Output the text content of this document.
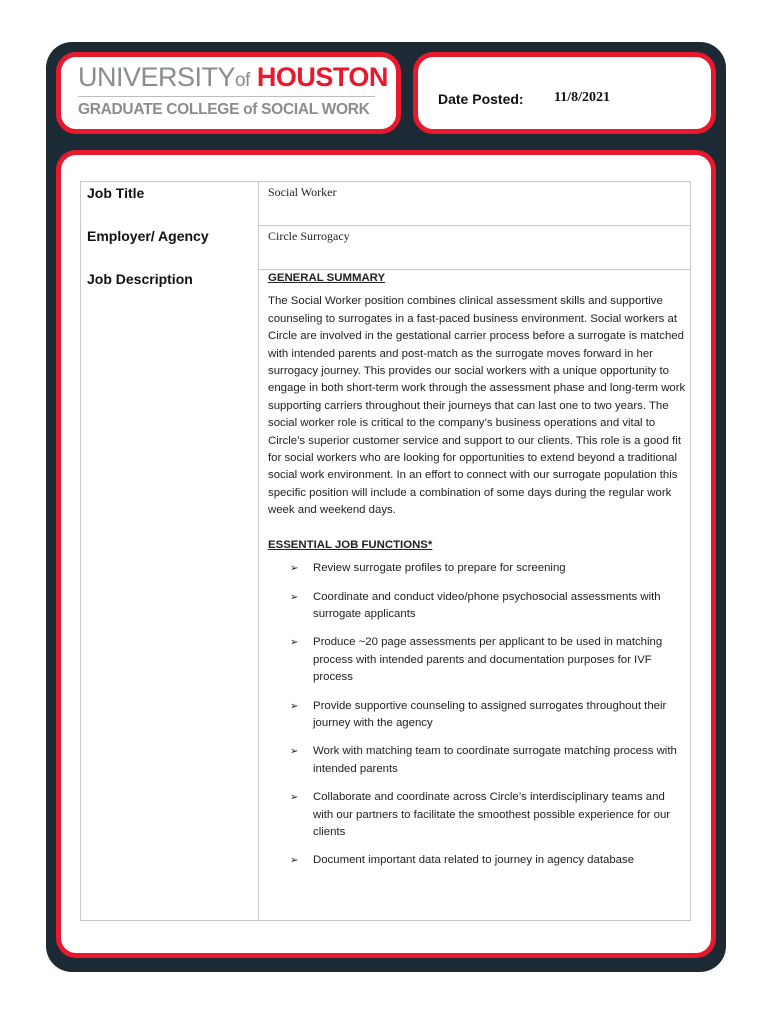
UNIVERSITYof HOUSTON
GRADUATE COLLEGE of SOCIAL WORK
Date Posted: 11/8/2021
Job Title	Social Worker
Employer/ Agency	Circle Surrogacy
Job Description	GENERAL SUMMARY
The Social Worker position combines clinical assessment skills and supportive counseling to surrogates in a fast-paced business environment. Social workers at Circle are involved in the gestational carrier process before a surrogate is matched with intended parents and post-match as the surrogate moves forward in her surrogacy journey. This provides our social workers with a unique opportunity to engage in both short-term work through the assessment phase and long-term work supporting carriers throughout their journeys that can last one to two years. The social worker role is critical to the company’s business operations and vital to Circle’s superior customer service and support to our clients. This role is a good fit for social workers who are looking for opportunities to extend beyond a traditional social work environment. In an effort to connect with our surrogate population this specific position will include a combination of some days during the regular work week and weekend days.
ESSENTIAL JOB FUNCTIONS*
➢ Review surrogate profiles to prepare for screening
➢ Coordinate and conduct video/phone psychosocial assessments with surrogate applicants
➢ Produce ~20 page assessments per applicant to be used in matching process with intended parents and documentation purposes for IVF process
➢ Provide supportive counseling to assigned surrogates throughout their journey with the agency
➢ Work with matching team to coordinate surrogate matching process with intended parents
➢ Collaborate and coordinate across Circle’s interdisciplinary teams and with our partners to facilitate the smoothest possible experience for our clients
➢ Document important data related to journey in agency database
